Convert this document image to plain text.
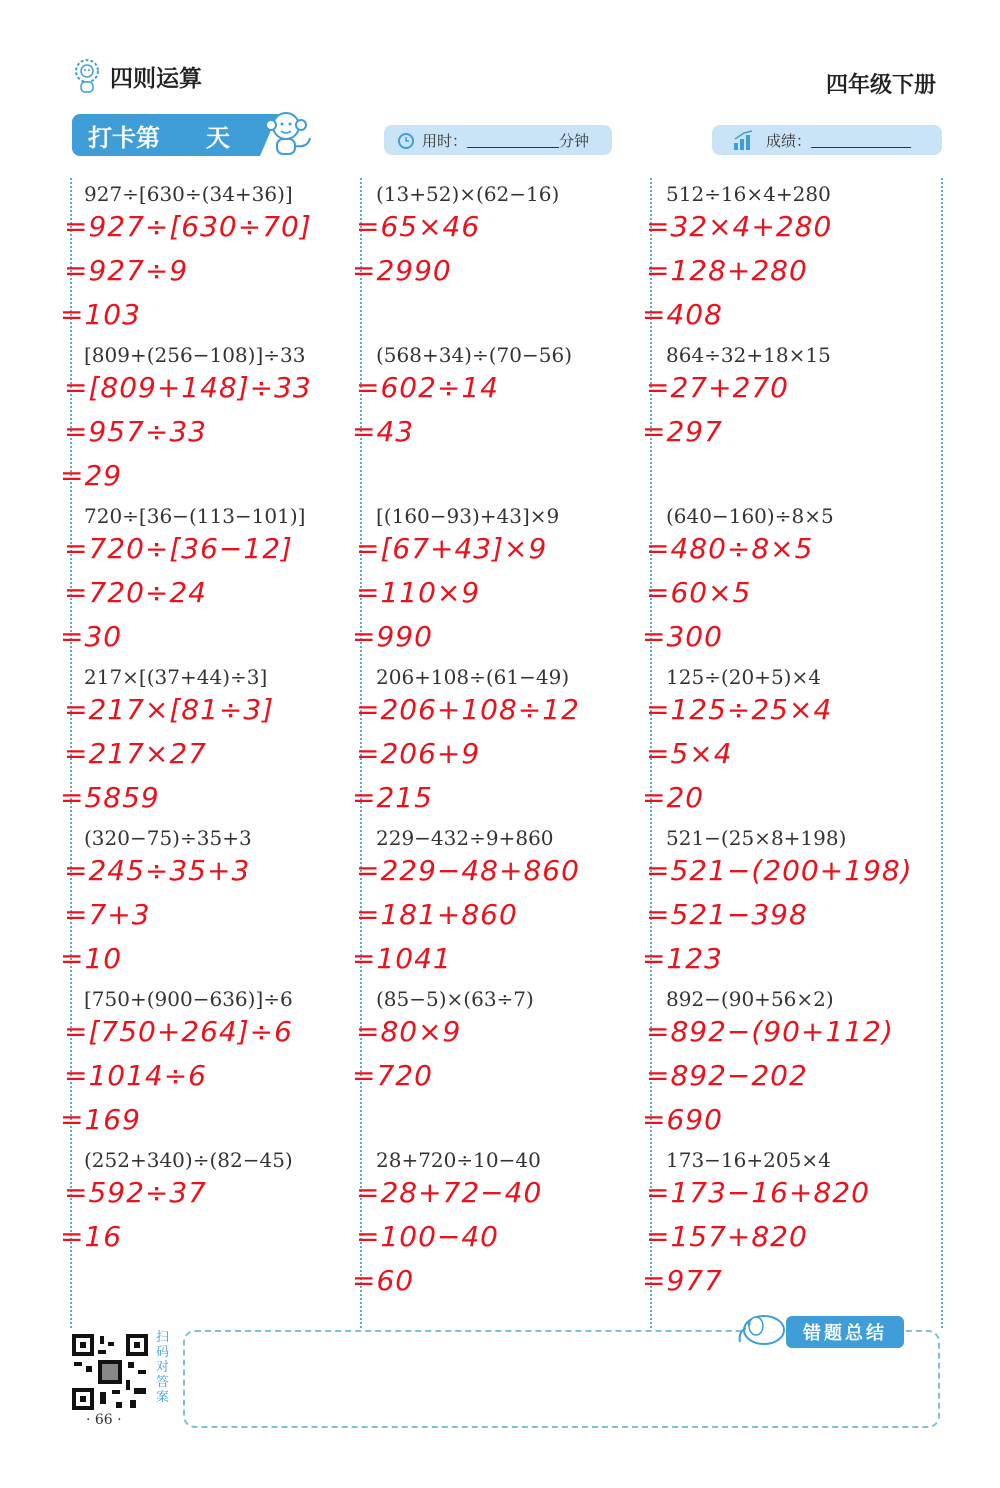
四则运算	四年级下册
打卡第 天	用时：	分钟	成绩：
927÷[630÷(34+36)]
=927÷[630÷70]
=927÷9
=103
[809+(256−108)]÷33
=[809+148]÷33
=957÷33
=29
720÷[36−(113−101)]
=720÷[36−12]
=720÷24
=30
217×[(37+44)÷3]
=217×[81÷3]
=217×27
=5859
(320−75)÷35+3
=245÷35+3
=7+3
=10
[750+(900−636)]÷6
=[750+264]÷6
=1014÷6
=169
(252+340)÷(82−45)
=592÷37
=16
(13+52)×(62−16)
=65×46
=2990
(568+34)÷(70−56)
=602÷14
=43
[(160−93)+43]×9
=[67+43]×9
=110×9
=990
206+108÷(61−49)
=206+108÷12
=206+9
=215
229−432÷9+860
=229−48+860
=181+860
=1041
(85−5)×(63÷7)
=80×9
=720
28+720÷10−40
=28+72−40
=100−40
=60
512÷16×4+280
=32×4+280
=128+280
=408
864÷32+18×15
=27+270
=297
(640−160)÷8×5
=480÷8×5
=60×5
=300
125÷(20+5)×4
=125÷25×4
=5×4
=20
521−(25×8+198)
=521−(200+198)
=521−398
=123
892−(90+56×2)
=892−(90+112)
=892−202
=690
173−16+205×4
=173−16+820
=157+820
=977
扫码对答案
· 66 ·
错题总结
